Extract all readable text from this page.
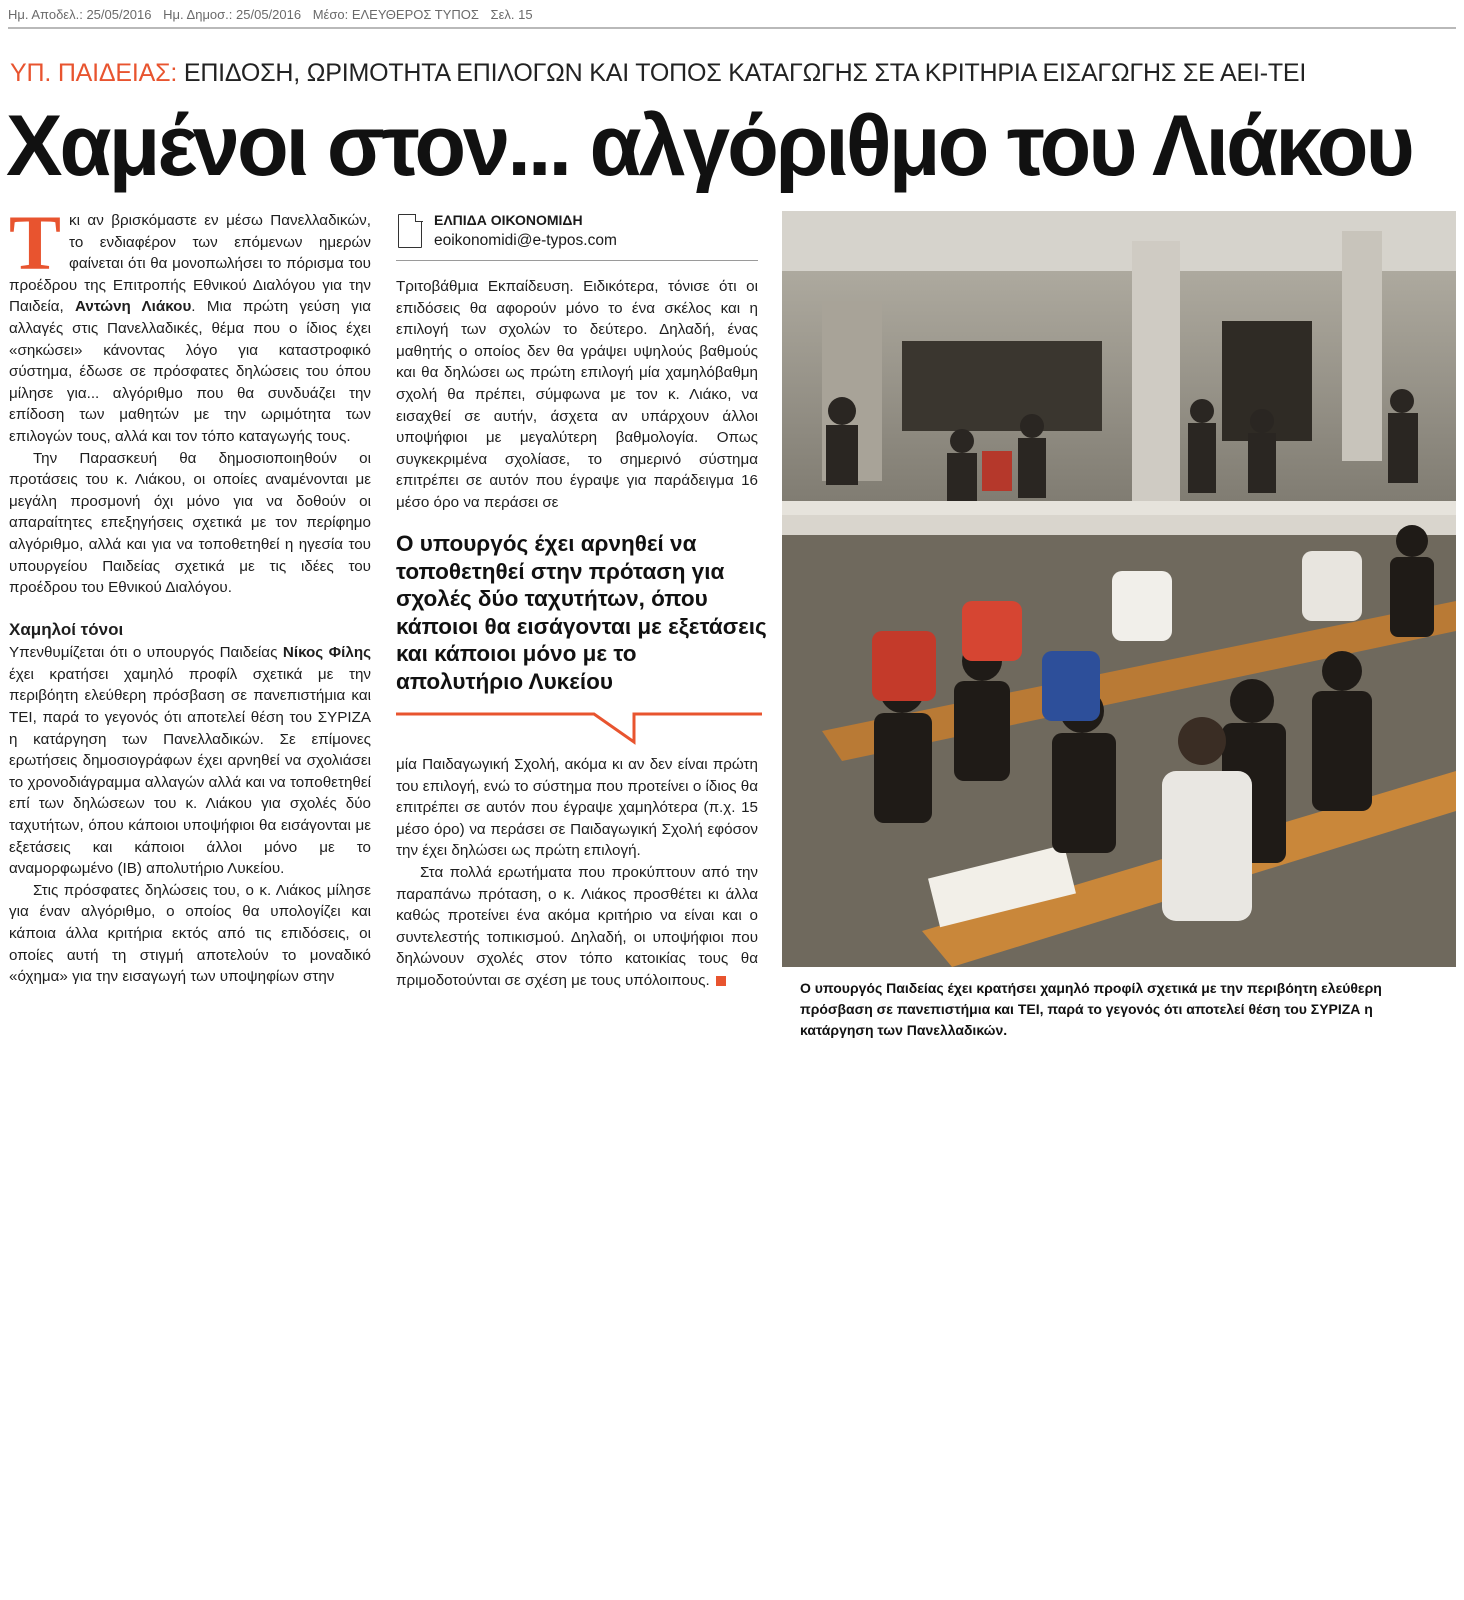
Ημ. Αποδελ.: 25/05/2016 Ημ. Δημοσ.: 25/05/2016 Μέσο: ΕΛΕΥΘΕΡΟΣ ΤΥΠΟΣ Σελ. 15
ΥΠ. ΠΑΙΔΕΙΑΣ: ΕΠΙΔΟΣΗ, ΩΡΙΜΟΤΗΤΑ ΕΠΙΛΟΓΩΝ ΚΑΙ ΤΟΠΟΣ ΚΑΤΑΓΩΓΗΣ ΣΤΑ ΚΡΙΤΗΡΙΑ ΕΙΣΑΓΩΓΗΣ ΣΕ ΑΕΙ-ΤΕΙ
Χαμένοι στον... αλγόριθμο του Λιάκου

Τκι αν βρισκόμαστε εν μέσω Πανελλαδικών, το ενδιαφέρον των επόμενων ημερών φαίνεται ότι θα μονοπωλήσει το πόρισμα του προέδρου της Επιτροπής Εθνικού Διαλόγου για την Παιδεία, Αντώνη Λιάκου. Μια πρώτη γεύση για αλλαγές στις Πανελλαδικές, θέμα που ο ίδιος έχει «σηκώσει» κάνοντας λόγο για καταστροφικό σύστημα, έδωσε σε πρόσφατες δηλώσεις του όπου μίλησε για... αλγόριθμο που θα συνδυάζει την επίδοση των μαθητών με την ωριμότητα των επιλογών τους, αλλά και τον τόπο καταγωγής τους.

Την Παρασκευή θα δημοσιοποιηθούν οι προτάσεις του κ. Λιάκου, οι οποίες αναμένονται με μεγάλη προσμονή όχι μόνο για να δοθούν οι απαραίτητες επεξηγήσεις σχετικά με τον περίφημο αλγόριθμο, αλλά και για να τοποθετηθεί η ηγεσία του υπουργείου Παιδείας σχετικά με τις ιδέες του προέδρου του Εθνικού Διαλόγου.

Χαμηλοί τόνοι

Υπενθυμίζεται ότι ο υπουργός Παιδείας Νίκος Φίλης έχει κρατήσει χαμηλό προφίλ σχετικά με την περιβόητη ελεύθερη πρόσβαση σε πανεπιστήμια και ΤΕΙ, παρά το γεγονός ότι αποτελεί θέση του ΣΥΡΙΖΑ η κατάργηση των Πανελλαδικών. Σε επίμονες ερωτήσεις δημοσιογράφων έχει αρνηθεί να σχολιάσει το χρονοδιάγραμμα αλλαγών αλλά και να τοποθετηθεί επί των δηλώσεων του κ. Λιάκου για σχολές δύο ταχυτήτων, όπου κάποιοι υποψήφιοι θα εισάγονται με εξετάσεις και κάποιοι άλλοι μόνο με το αναμορφωμένο (ΙΒ) απολυτήριο Λυκείου.

Στις πρόσφατες δηλώσεις του, ο κ. Λιάκος μίλησε για έναν αλγόριθμο, ο οποίος θα υπολογίζει και κάποια άλλα κριτήρια εκτός από τις επιδόσεις, οι οποίες αυτή τη στιγμή αποτελούν το μοναδικό «όχημα» για την εισαγωγή των υποψηφίων στην

ΕΛΠΙΔΑ ΟΙΚΟΝΟΜΙΔΗ
eoikonomidi@e-typos.com

Τριτοβάθμια Εκπαίδευση. Ειδικότερα, τόνισε ότι οι επιδόσεις θα αφορούν μόνο το ένα σκέλος και η επιλογή των σχολών το δεύτερο. Δηλαδή, ένας μαθητής ο οποίος δεν θα γράψει υψηλούς βαθμούς και θα δηλώσει ως πρώτη επιλογή μία χαμηλόβαθμη σχολή θα πρέπει, σύμφωνα με τον κ. Λιάκο, να εισαχθεί σε αυτήν, άσχετα αν υπάρχουν άλλοι υποψήφιοι με μεγαλύτερη βαθμολογία. Οπως συγκεκριμένα σχολίασε, το σημερινό σύστημα επιτρέπει σε αυτόν που έγραψε για παράδειγμα 16 μέσο όρο να περάσει σε

Ο υπουργός έχει αρνηθεί να τοποθετηθεί στην πρόταση για σχολές δύο ταχυτήτων, όπου κάποιοι θα εισάγονται με εξετάσεις και κάποιοι μόνο με το απολυτήριο Λυκείου

μία Παιδαγωγική Σχολή, ακόμα κι αν δεν είναι πρώτη του επιλογή, ενώ το σύστημα που προτείνει ο ίδιος θα επιτρέπει σε αυτόν που έγραψε χαμηλότερα (π.χ. 15 μέσο όρο) να περάσει σε Παιδαγωγική Σχολή εφόσον την έχει δηλώσει ως πρώτη επιλογή.

Στα πολλά ερωτήματα που προκύπτουν από την παραπάνω πρόταση, ο κ. Λιάκος προσθέτει κι άλλα καθώς προτείνει ένα ακόμα κριτήριο να είναι και ο συντελεστής τοπικισμού. Δηλαδή, οι υποψήφιοι που δηλώνουν σχολές στον τόπο κατοικίας τους θα πριμοδοτούνται σε σχέση με τους υπόλοιπους.	Ο υπουργός Παιδείας έχει κρατήσει χαμηλό προφίλ σχετικά με την περιβόητη ελεύθερη πρόσβαση σε πανεπιστήμια και ΤΕΙ, παρά το γεγονός ότι αποτελεί θέση του ΣΥΡΙΖΑ η κατάργηση των Πανελλαδικών.
